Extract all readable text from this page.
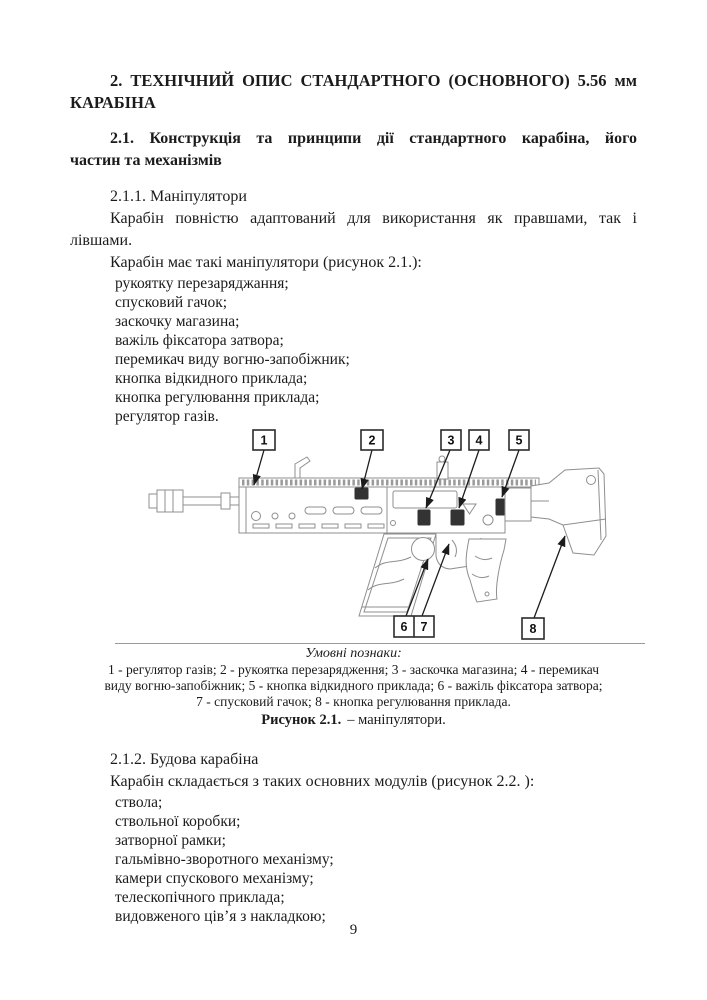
2. ТЕХНІЧНИЙ ОПИС СТАНДАРТНОГО (ОСНОВНОГО) 5.56 мм
КАРАБІНА
2.1. Конструкція та принципи дії стандартного карабіна, його
частин та механізмів
2.1.1. Маніпулятори
Карабін повністю адаптований для використання як правшами, так і
лівшами.
Карабін має такі маніпулятори (рисунок 2.1.):
рукоятку перезаряджання;
спусковий гачок;
заскочку магазина;
важіль фіксатора затвора;
перемикач виду вогню-запобіжник;
кнопка відкидного приклада;
кнопка регулювання приклада;
регулятор газів.
1	2	3 4	5
6 7	8
Умовні познаки:
1 - регулятор газів; 2 - рукоятка перезарядження; 3 - заскочка магазина; 4 - перемикач
виду вогню-запобіжник; 5 - кнопка відкидного приклада; 6 - важіль фіксатора затвора;
7 - спусковий гачок; 8 - кнопка регулювання приклада.
Рисунок 2.1. – маніпулятори.
2.1.2. Будова карабіна
Карабін складається з таких основних модулів (рисунок 2.2. ):
ствола;
ствольної коробки;
затворної рамки;
гальмівно-зворотного механізму;
камери спускового механізму;
телескопічного приклада;
видовженого ців’я з накладкою;
9
